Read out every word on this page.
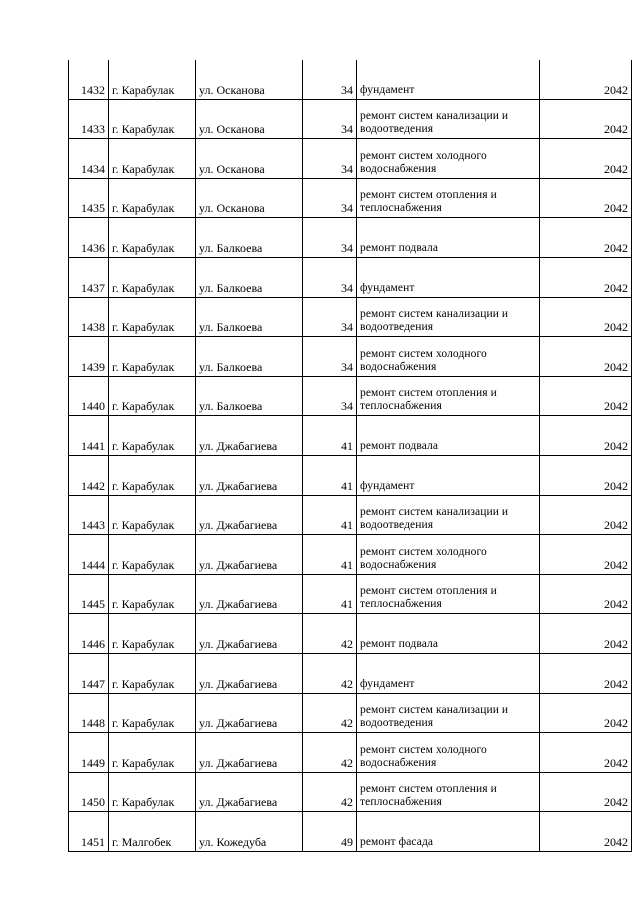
1432	г. Карабулак	ул. Осканова	34	фундамент	2042
1433	г. Карабулак	ул. Осканова	34	ремонт систем канализации и водоотведения	2042
1434	г. Карабулак	ул. Осканова	34	ремонт систем холодного водоснабжения	2042
1435	г. Карабулак	ул. Осканова	34	ремонт систем отопления и теплоснабжения	2042
1436	г. Карабулак	ул. Балкоева	34	ремонт подвала	2042
1437	г. Карабулак	ул. Балкоева	34	фундамент	2042
1438	г. Карабулак	ул. Балкоева	34	ремонт систем канализации и водоотведения	2042
1439	г. Карабулак	ул. Балкоева	34	ремонт систем холодного водоснабжения	2042
1440	г. Карабулак	ул. Балкоева	34	ремонт систем отопления и теплоснабжения	2042
1441	г. Карабулак	ул. Джабагиева	41	ремонт подвала	2042
1442	г. Карабулак	ул. Джабагиева	41	фундамент	2042
1443	г. Карабулак	ул. Джабагиева	41	ремонт систем канализации и водоотведения	2042
1444	г. Карабулак	ул. Джабагиева	41	ремонт систем холодного водоснабжения	2042
1445	г. Карабулак	ул. Джабагиева	41	ремонт систем отопления и теплоснабжения	2042
1446	г. Карабулак	ул. Джабагиева	42	ремонт подвала	2042
1447	г. Карабулак	ул. Джабагиева	42	фундамент	2042
1448	г. Карабулак	ул. Джабагиева	42	ремонт систем канализации и водоотведения	2042
1449	г. Карабулак	ул. Джабагиева	42	ремонт систем холодного водоснабжения	2042
1450	г. Карабулак	ул. Джабагиева	42	ремонт систем отопления и теплоснабжения	2042
1451	г. Малгобек	ул. Кожедуба	49	ремонт фасада	2042
